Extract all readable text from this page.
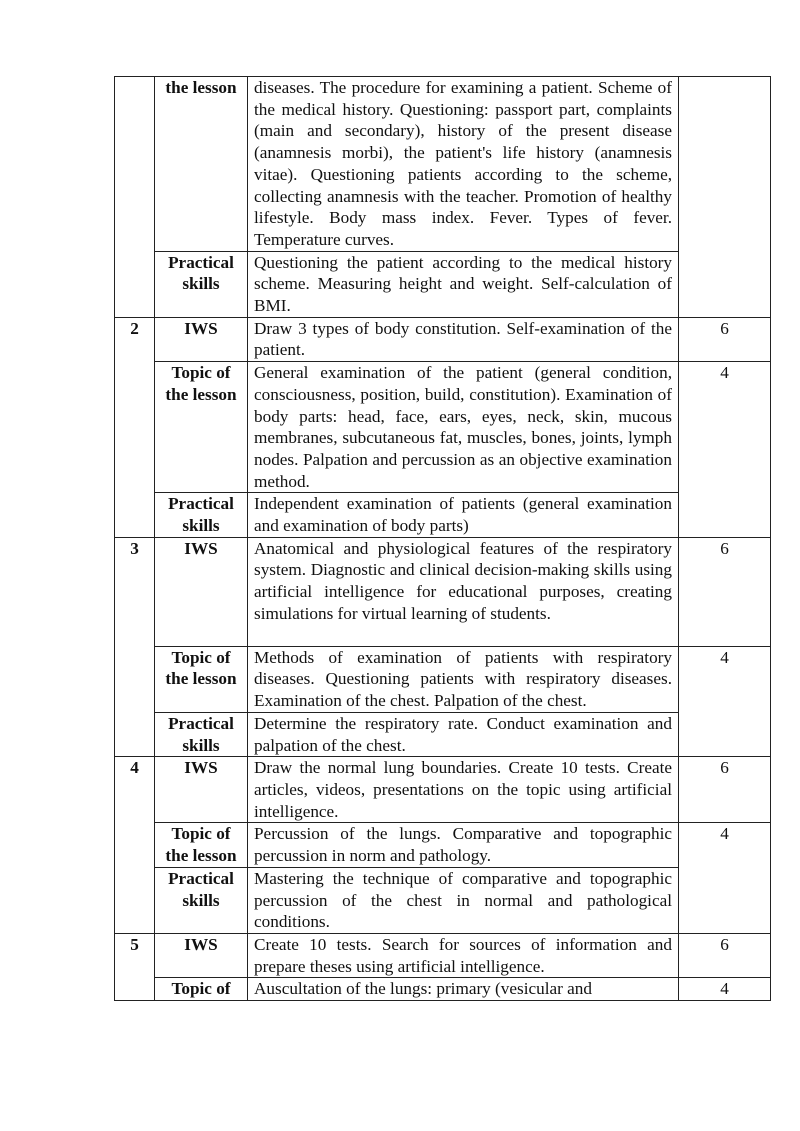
	the lesson	diseases. The procedure for examining a patient. Scheme of the medical history. Questioning: passport part, complaints (main and secondary), history of the present disease (anamnesis morbi), the patient's life history (anamnesis vitae). Questioning patients according to the scheme, collecting anamnesis with the teacher. Promotion of healthy lifestyle. Body mass index. Fever. Types of fever. Temperature curves.	
	Practical skills	Questioning the patient according to the medical history scheme. Measuring height and weight. Self-calculation of BMI.	
2	IWS	Draw 3 types of body constitution. Self-examination of the patient.	6
	Topic of the lesson	General examination of the patient (general condition, consciousness, position, build, constitution). Examination of body parts: head, face, ears, eyes, neck, skin, mucous membranes, subcutaneous fat, muscles, bones, joints, lymph nodes. Palpation and percussion as an objective examination method.	4
	Practical skills	Independent examination of patients (general examination and examination of body parts)	
3	IWS	Anatomical and physiological features of the respiratory system. Diagnostic and clinical decision-making skills using artificial intelligence for educational purposes, creating simulations for virtual learning of students.	6
	Topic of the lesson	Methods of examination of patients with respiratory diseases. Questioning patients with respiratory diseases. Examination of the chest. Palpation of the chest.	4
	Practical skills	Determine the respiratory rate. Conduct examination and palpation of the chest.	
4	IWS	Draw the normal lung boundaries. Create 10 tests. Create articles, videos, presentations on the topic using artificial intelligence.	6
	Topic of the lesson	Percussion of the lungs. Comparative and topographic percussion in norm and pathology.	4
	Practical skills	Mastering the technique of comparative and topographic percussion of the chest in normal and pathological conditions.	
5	IWS	Create 10 tests. Search for sources of information and prepare theses using artificial intelligence.	6
	Topic of	Auscultation of the lungs: primary (vesicular and	4
